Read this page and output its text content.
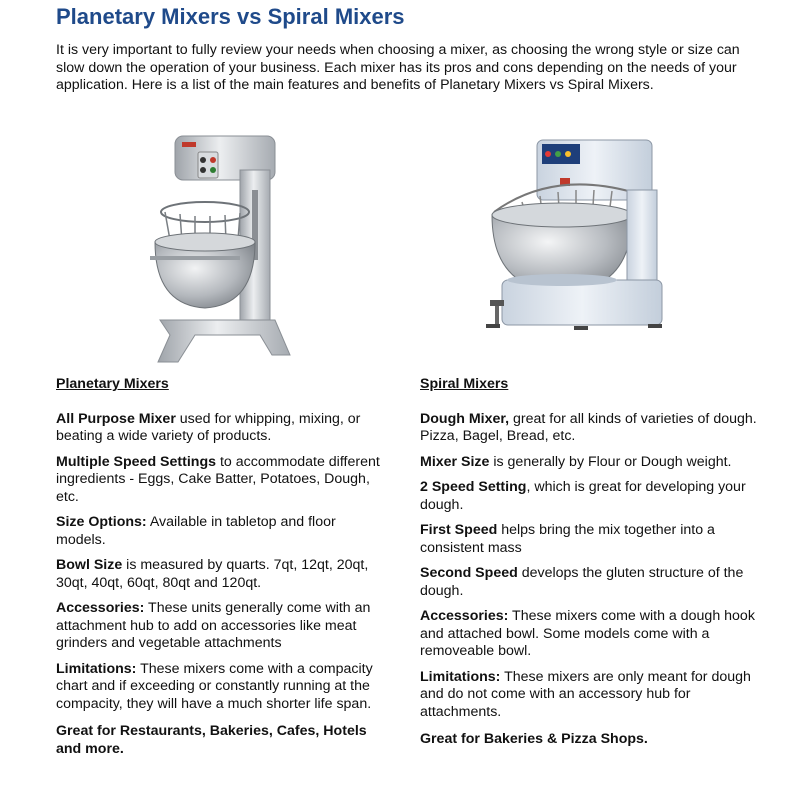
Planetary Mixers vs Spiral Mixers

It is very important to fully review your needs when choosing a mixer, as choosing the wrong style or size can slow down the operation of your business. Each mixer has its pros and cons depending on the needs of your application. Here is a list of the main features and benefits of Planetary Mixers vs Spiral Mixers.

Planetary Mixers

All Purpose Mixer used for whipping, mixing, or beating a wide variety of products.

Multiple Speed Settings to accommodate different ingredients - Eggs, Cake Batter, Potatoes, Dough, etc.

Size Options: Available in tabletop and floor models.

Bowl Size is measured by quarts. 7qt, 12qt, 20qt, 30qt, 40qt, 60qt, 80qt and 120qt.

Accessories: These units generally come with an attachment hub to add on accessories like meat grinders and vegetable attachments

Limitations: These mixers come with a compacity chart and if exceeding or constantly running at the compacity, they will have a much shorter life span.

Great for Restaurants, Bakeries, Cafes, Hotels and more.

Spiral Mixers

Dough Mixer, great for all kinds of varieties of dough. Pizza, Bagel, Bread, etc.

Mixer Size is generally by Flour or Dough weight.

2 Speed Setting, which is great for developing your dough.

First Speed helps bring the mix together into a consistent mass

Second Speed develops the gluten structure of the dough.

Accessories: These mixers come with a dough hook and attached bowl. Some models come with a removeable bowl.

Limitations: These mixers are only meant for dough and do not come with an accessory hub for attachments.

Great for Bakeries & Pizza Shops.
